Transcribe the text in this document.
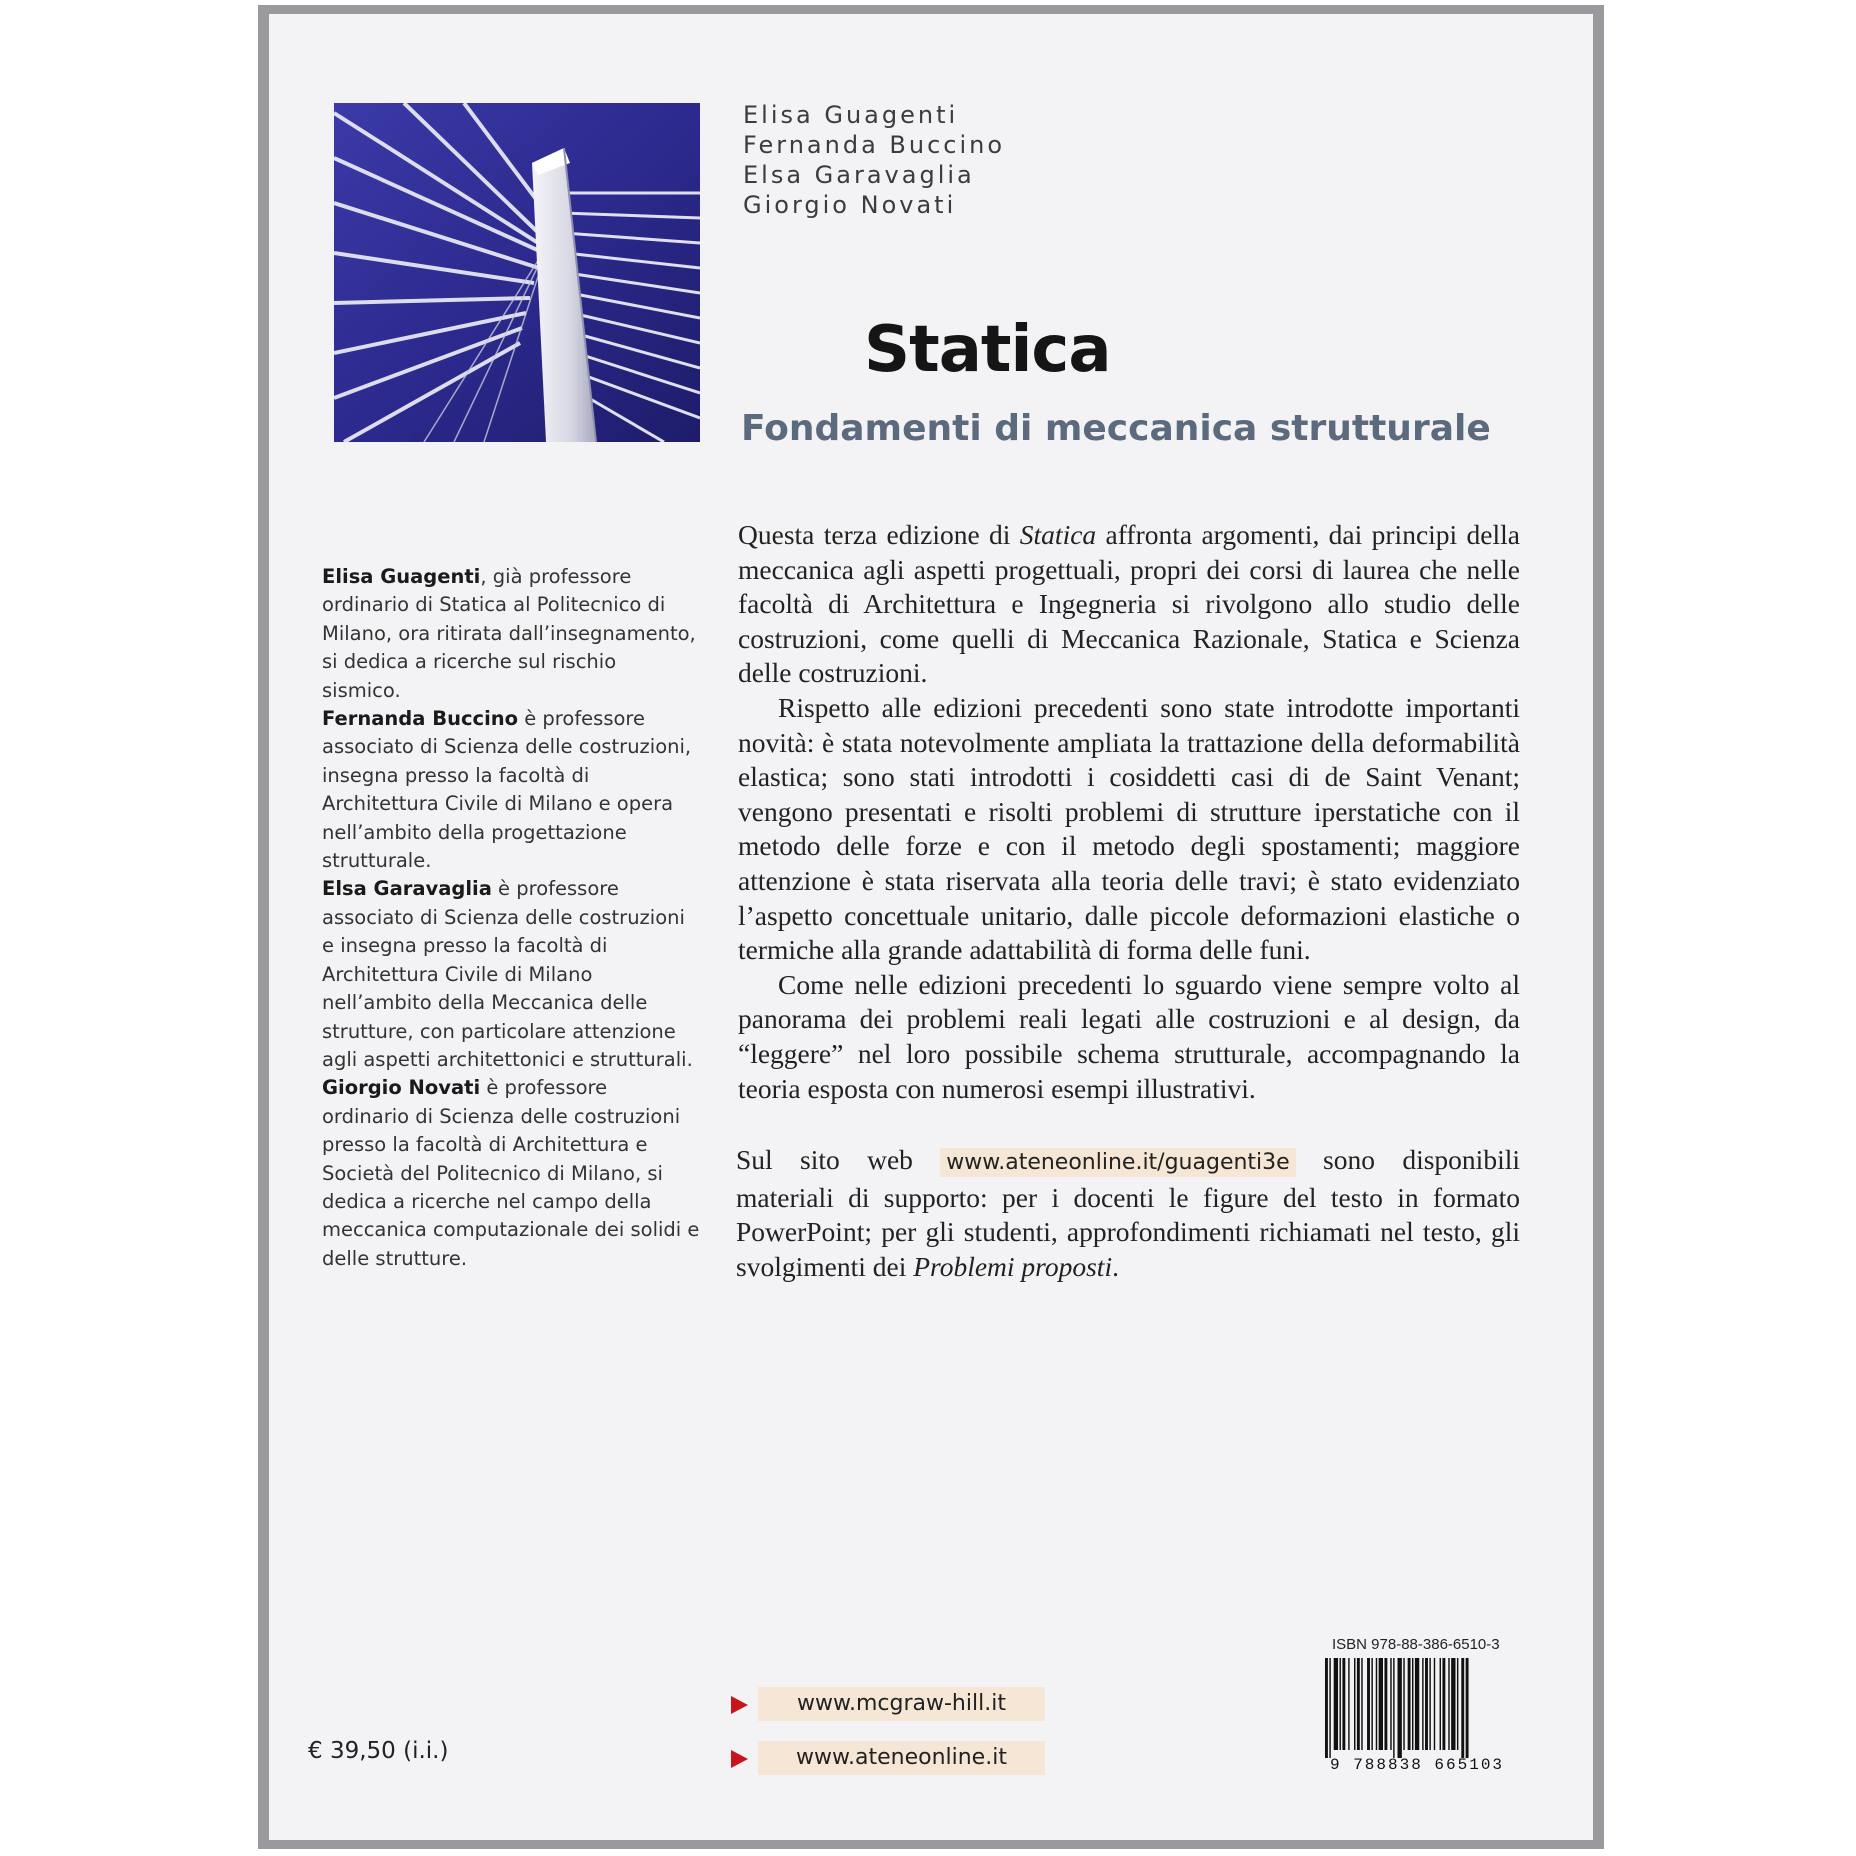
Elisa Guagenti
Fernanda Buccino
Elsa Garavaglia
Giorgio Novati
Statica
Fondamenti di meccanica strutturale

Questa terza edizione di Statica affronta argomenti, dai principi della meccanica agli aspetti progettuali, propri dei corsi di laurea che nelle facoltà di Architettura e Ingegneria si rivolgono allo studio delle costruzioni, come quelli di Meccanica Razionale, Statica e Scienza delle costruzioni.

Rispetto alle edizioni precedenti sono state introdotte importanti novità: è stata notevolmente ampliata la trattazione della deformabilità elastica; sono stati introdotti i cosiddetti casi di de Saint Venant; vengono presentati e risolti problemi di strutture iperstatiche con il metodo delle forze e con il metodo degli spostamenti; maggiore attenzione è stata riservata alla teoria delle travi; è stato evidenziato l’aspetto concettuale unitario, dalle piccole deformazioni elastiche o termiche alla grande adattabilità di forma delle funi.

Come nelle edizioni precedenti lo sguardo viene sempre volto al panorama dei problemi reali legati alle costruzioni e al design, da “leggere” nel loro possibile schema strutturale, accompagnando la teoria esposta con numerosi esempi illustrativi.

Sul sito web www.ateneonline.it/guagenti3e sono disponibili materiali di supporto: per i docenti le figure del testo in formato PowerPoint; per gli studenti, approfondimenti richiamati nel testo, gli svolgimenti dei Problemi proposti.

Elisa Guagenti, già professore ordinario di Statica al Politecnico di Milano, ora ritirata dall’insegnamento, si dedica a ricerche sul rischio sismico.

Fernanda Buccino è professore associato di Scienza delle costruzioni, insegna presso la facoltà di Architettura Civile di Milano e opera nell’ambito della progettazione strutturale.

Elsa Garavaglia è professore associato di Scienza delle costruzioni e insegna presso la facoltà di Architettura Civile di Milano nell’ambito della Meccanica delle strutture, con particolare attenzione agli aspetti architettonici e strutturali.

Giorgio Novati è professore ordinario di Scienza delle costruzioni presso la facoltà di Architettura e Società del Politecnico di Milano, si dedica a ricerche nel campo della meccanica computazionale dei solidi e delle strutture.

www.mcgraw-hill.it
www.ateneonline.it
ISBN 978-88-386-6510-3
9 788838 665103
€ 39,50 (i.i.)
